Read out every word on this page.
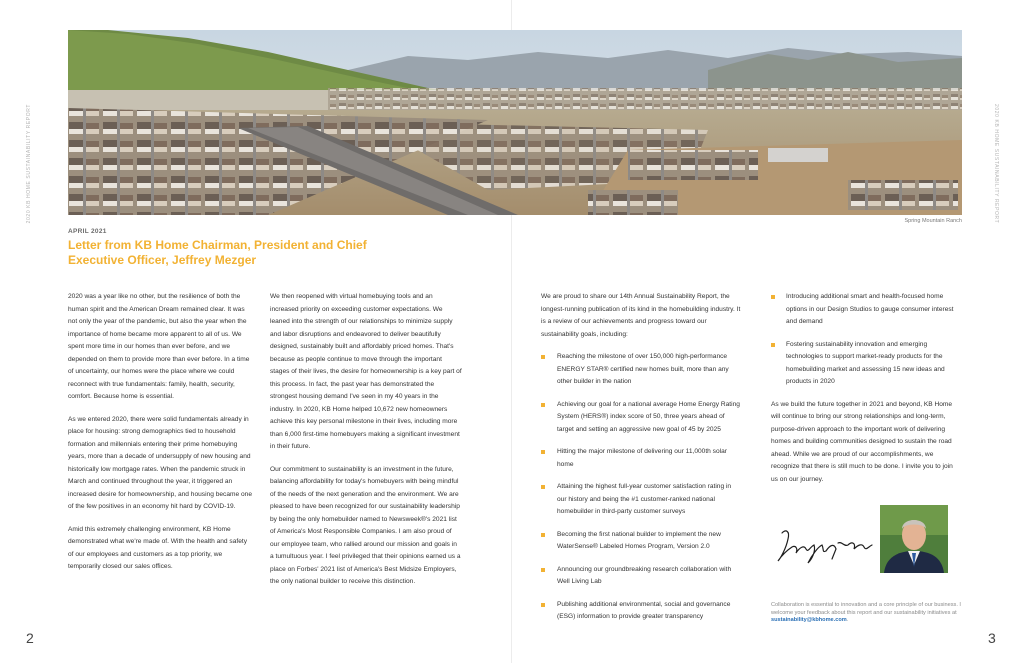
2020 KB HOME SUSTAINABILITY REPORT	2020 KB HOME SUSTAINABILITY REPORT
Spring Mountain Ranch
APRIL 2021
Letter from KB Home Chairman, President and Chief Executive Officer, Jeffrey Mezger

2020 was a year like no other, but the resilience of both the human spirit and the American Dream remained clear. It was not only the year of the pandemic, but also the year when the importance of home became more apparent to all of us. We spent more time in our homes than ever before, and we depended on them to provide more than ever before. In a time of uncertainty, our homes were the place where we could reconnect with true fundamentals: family, health, security, comfort. Because home is essential.

As we entered 2020, there were solid fundamentals already in place for housing: strong demographics tied to household formation and millennials entering their prime homebuying years, more than a decade of undersupply of new housing and historically low mortgage rates. When the pandemic struck in March and continued throughout the year, it triggered an increased desire for homeownership, and housing became one of the few positives in an economy hit hard by COVID-19.

Amid this extremely challenging environment, KB Home demonstrated what we're made of. With the health and safety of our employees and customers as a top priority, we temporarily closed our sales offices.

We then reopened with virtual homebuying tools and an increased priority on exceeding customer expectations. We leaned into the strength of our relationships to minimize supply and labor disruptions and endeavored to deliver beautifully designed, sustainably built and affordably priced homes. That's because as people continue to move through the important stages of their lives, the desire for homeownership is a key part of this process. In fact, the past year has demonstrated the strongest housing demand I've seen in my 40 years in the industry. In 2020, KB Home helped 10,672 new homeowners achieve this key personal milestone in their lives, including more than 6,000 first-time homebuyers making a significant investment in their future.

Our commitment to sustainability is an investment in the future, balancing affordability for today's homebuyers with being mindful of the needs of the next generation and the environment. We are pleased to have been recognized for our sustainability leadership by being the only homebuilder named to Newsweek®'s 2021 list of America's Most Responsible Companies. I am also proud of our employee team, who rallied around our mission and goals in a tumultuous year. I feel privileged that their opinions earned us a place on Forbes' 2021 list of America's Best Midsize Employers, the only national builder to receive this distinction.

We are proud to share our 14th Annual Sustainability Report, the longest-running publication of its kind in the homebuilding industry. It is a review of our achievements and progress toward our sustainability goals, including:

Reaching the milestone of over 150,000 high-performance ENERGY STAR® certified new homes built, more than any other builder in the nation
Achieving our goal for a national average Home Energy Rating System (HERS®) index score of 50, three years ahead of target and setting an aggressive new goal of 45 by 2025
Hitting the major milestone of delivering our 11,000th solar home
Attaining the highest full-year customer satisfaction rating in our history and being the #1 customer-ranked national homebuilder in third-party customer surveys
Becoming the first national builder to implement the new WaterSense® Labeled Homes Program, Version 2.0
Announcing our groundbreaking research collaboration with Well Living Lab
Publishing additional environmental, social and governance (ESG) information to provide greater transparency
Introducing additional smart and health-focused home options in our Design Studios to gauge consumer interest and demand
Fostering sustainability innovation and emerging technologies to support market-ready products for the homebuilding market and assessing 15 new ideas and products in 2020

As we build the future together in 2021 and beyond, KB Home will continue to bring our strong relationships and long-term, purpose-driven approach to the important work of delivering homes and building communities designed to sustain the road ahead. While we are proud of our accomplishments, we recognize that there is still much to be done. I invite you to join us on our journey.

Collaboration is essential to innovation and a core principle of our business. I welcome your feedback about this report and our sustainability initiatives at sustainability@kbhome.com.
2	3
